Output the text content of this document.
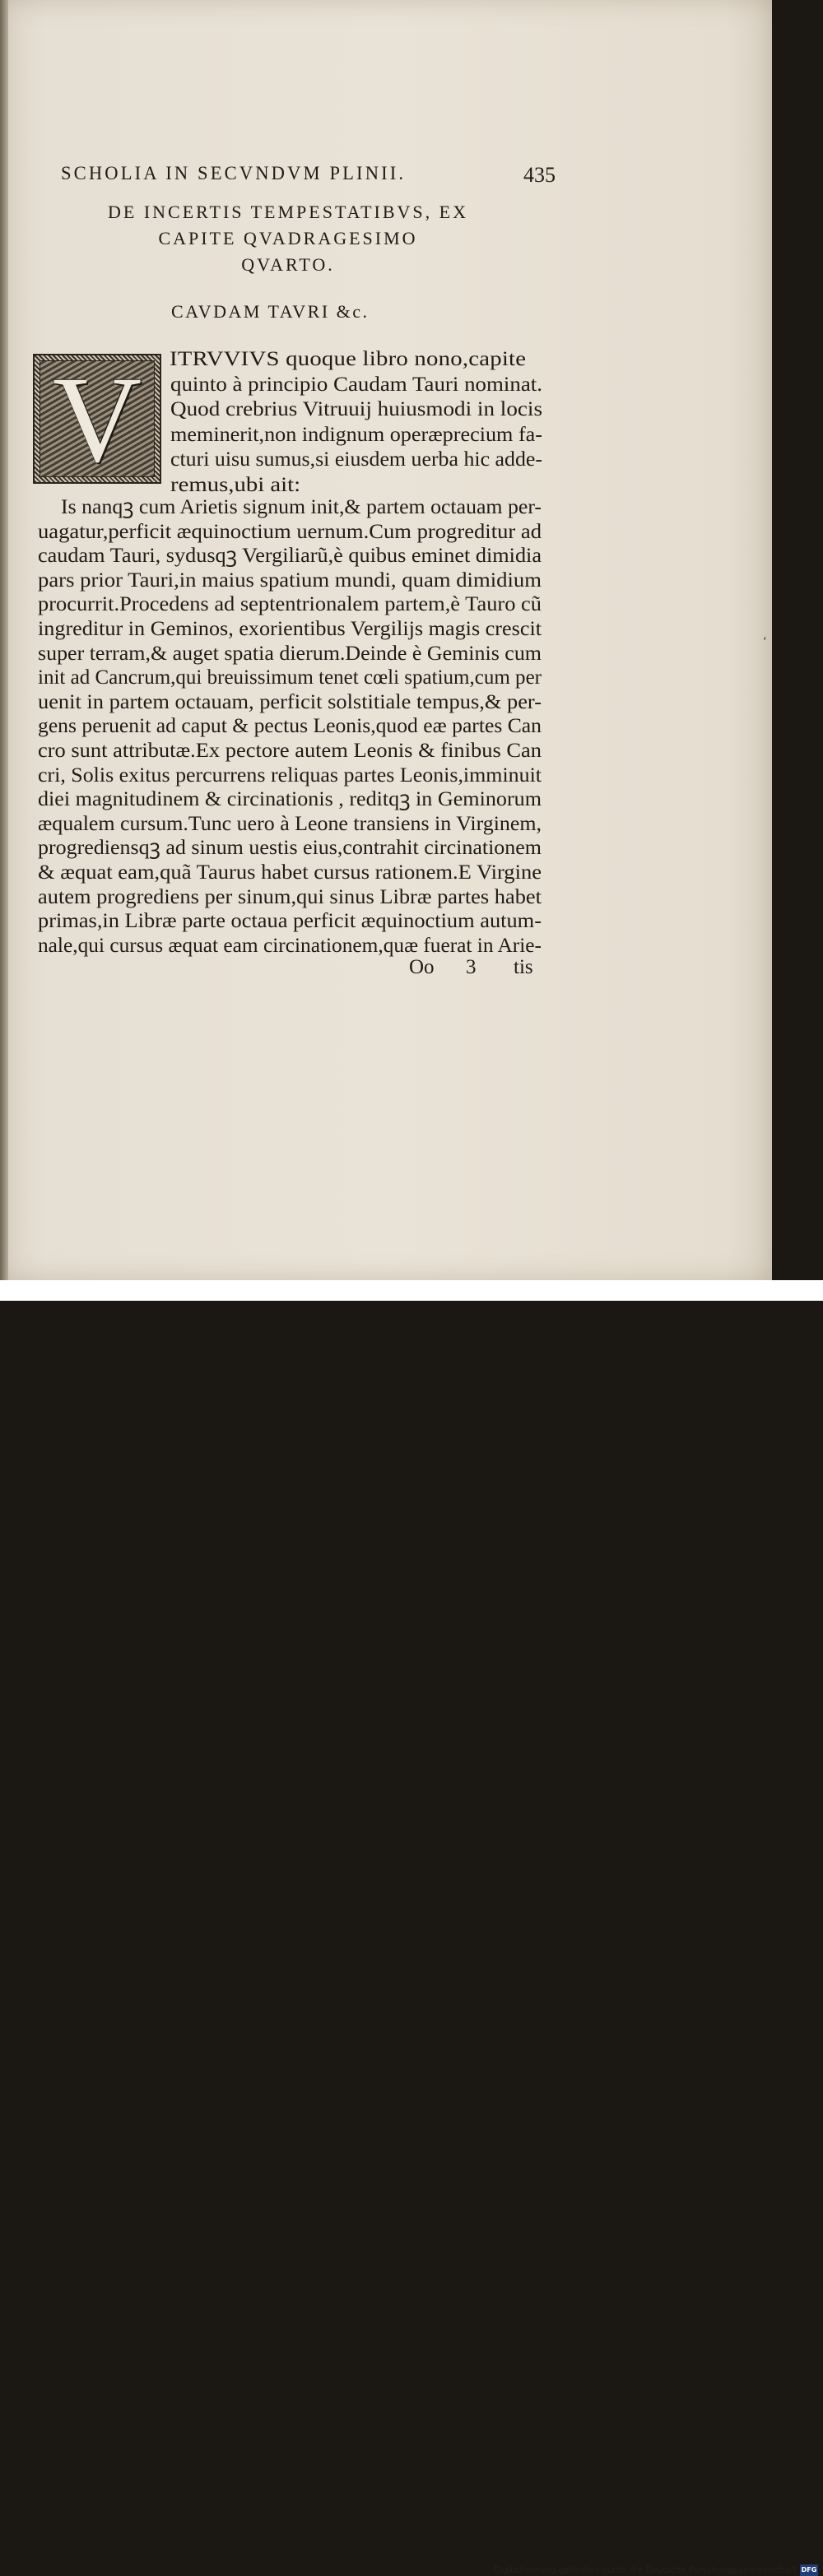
SCHOLIA IN SECVNDVM PLINII.	435
DE INCERTIS TEMPESTATIBVS, EX
CAPITE QVADRAGESIMO
QVARTO.
CAVDAM TAVRI &c.
V	ITRVVIVS quoque libro nono,capite
quinto à principio Caudam Tauri nominat.
Quod crebrius Vitruuij huiusmodi in locis
meminerit,non indignum operæprecium fa-
cturi uisu sumus,si eiusdem uerba hic adde-
remus,ubi ait:
Is nanqꝫ cum Arietis signum init,& partem octauam per-
uagatur,perficit æquinoctium uernum.Cum progreditur ad
caudam Tauri, sydusqꝫ Vergiliarũ,è quibus eminet dimidia
pars prior Tauri,in maius spatium mundi, quam dimidium
procurrit.Procedens ad septentrionalem partem,è Tauro cũ
ingreditur in Geminos, exorientibus Vergilijs magis crescit
super terram,& auget spatia dierum.Deinde è Geminis cum
init ad Cancrum,qui breuissimum tenet cœli spatium,cum per
uenit in partem octauam, perficit solstitiale tempus,& per-
gens peruenit ad caput & pectus Leonis,quod eæ partes Can
cro sunt attributæ.Ex pectore autem Leonis & finibus Can
cri, Solis exitus percurrens reliquas partes Leonis,imminuit
diei magnitudinem & circinationis , reditqꝫ in Geminorum
æqualem cursum.Tunc uero à Leone transiens in Virginem,
progrediensqꝫ ad sinum uestis eius,contrahit circinationem
& æquat eam,quã Taurus habet cursus rationem.E Virgine
autem progrediens per sinum,qui sinus Libræ partes habet
primas,in Libræ parte octaua perficit æquinoctium autum-
nale,qui cursus æquat eam circinationem,quæ fuerat in Arie-
Oo 3 tis
ʻ
Digitalisierung gefördert durch die Deutsche Forschungsgemeinschaft DFG
